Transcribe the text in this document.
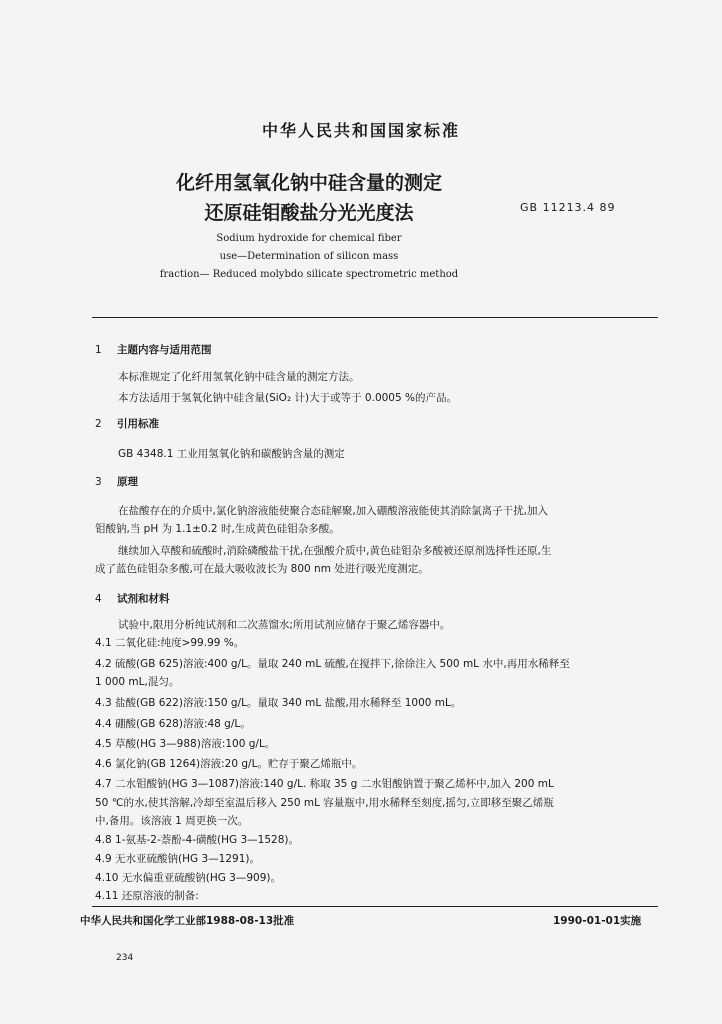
中华人民共和国国家标准
化纤用氢氧化钠中硅含量的测定
还原硅钼酸盐分光光度法	GB 11213.4 89
Sodium hydroxide for chemical fiber
use—Determination of silicon mass
fraction— Reduced molybdo silicate spectrometric method
1 主题内容与适用范围
本标准规定了化纤用氢氧化钠中硅含量的测定方法。
本方法适用于氢氧化钠中硅含量(SiO₂ 计)大于或等于 0.0005 %的产品。
2 引用标准
GB 4348.1 工业用氢氧化钠和碳酸钠含量的测定
3 原理
在盐酸存在的介质中,氯化钠溶液能使聚合态硅解聚,加入硼酸溶液能使其消除氯离子干扰,加入
钼酸钠,当 pH 为 1.1±0.2 时,生成黄色硅钼杂多酸。
继续加入草酸和硫酸时,消除磷酸盐干扰,在强酸介质中,黄色硅钼杂多酸被还原剂选择性还原,生
成了蓝色硅钼杂多酸,可在最大吸收波长为 800 nm 处进行吸光度测定。
4 试剂和材料
试验中,限用分析纯试剂和二次蒸馏水;所用试剂应储存于聚乙烯容器中。
4.1 二氧化硅:纯度>99.99 %。
4.2 硫酸(GB 625)溶液:400 g/L。量取 240 mL 硫酸,在搅拌下,徐徐注入 500 mL 水中,再用水稀释至
1 000 mL,混匀。
4.3 盐酸(GB 622)溶液:150 g/L。量取 340 mL 盐酸,用水稀释至 1000 mL。
4.4 硼酸(GB 628)溶液:48 g/L。
4.5 草酸(HG 3—988)溶液:100 g/L。
4.6 氯化钠(GB 1264)溶液:20 g/L。贮存于聚乙烯瓶中。
4.7 二水钼酸钠(HG 3—1087)溶液:140 g/L. 称取 35 g 二水钼酸钠置于聚乙烯杯中,加入 200 mL
50 ℃的水,使其溶解,冷却至室温后移入 250 mL 容量瓶中,用水稀释至刻度,摇匀,立即移至聚乙烯瓶
中,备用。该溶液 1 周更换一次。
4.8 1-氨基-2-萘酚-4-磺酸(HG 3—1528)。
4.9 无水亚硫酸钠(HG 3—1291)。
4.10 无水偏重亚硫酸钠(HG 3—909)。
4.11 还原溶液的制备:
中华人民共和国化学工业部1988-08-13批准	1990-01-01实施
234
